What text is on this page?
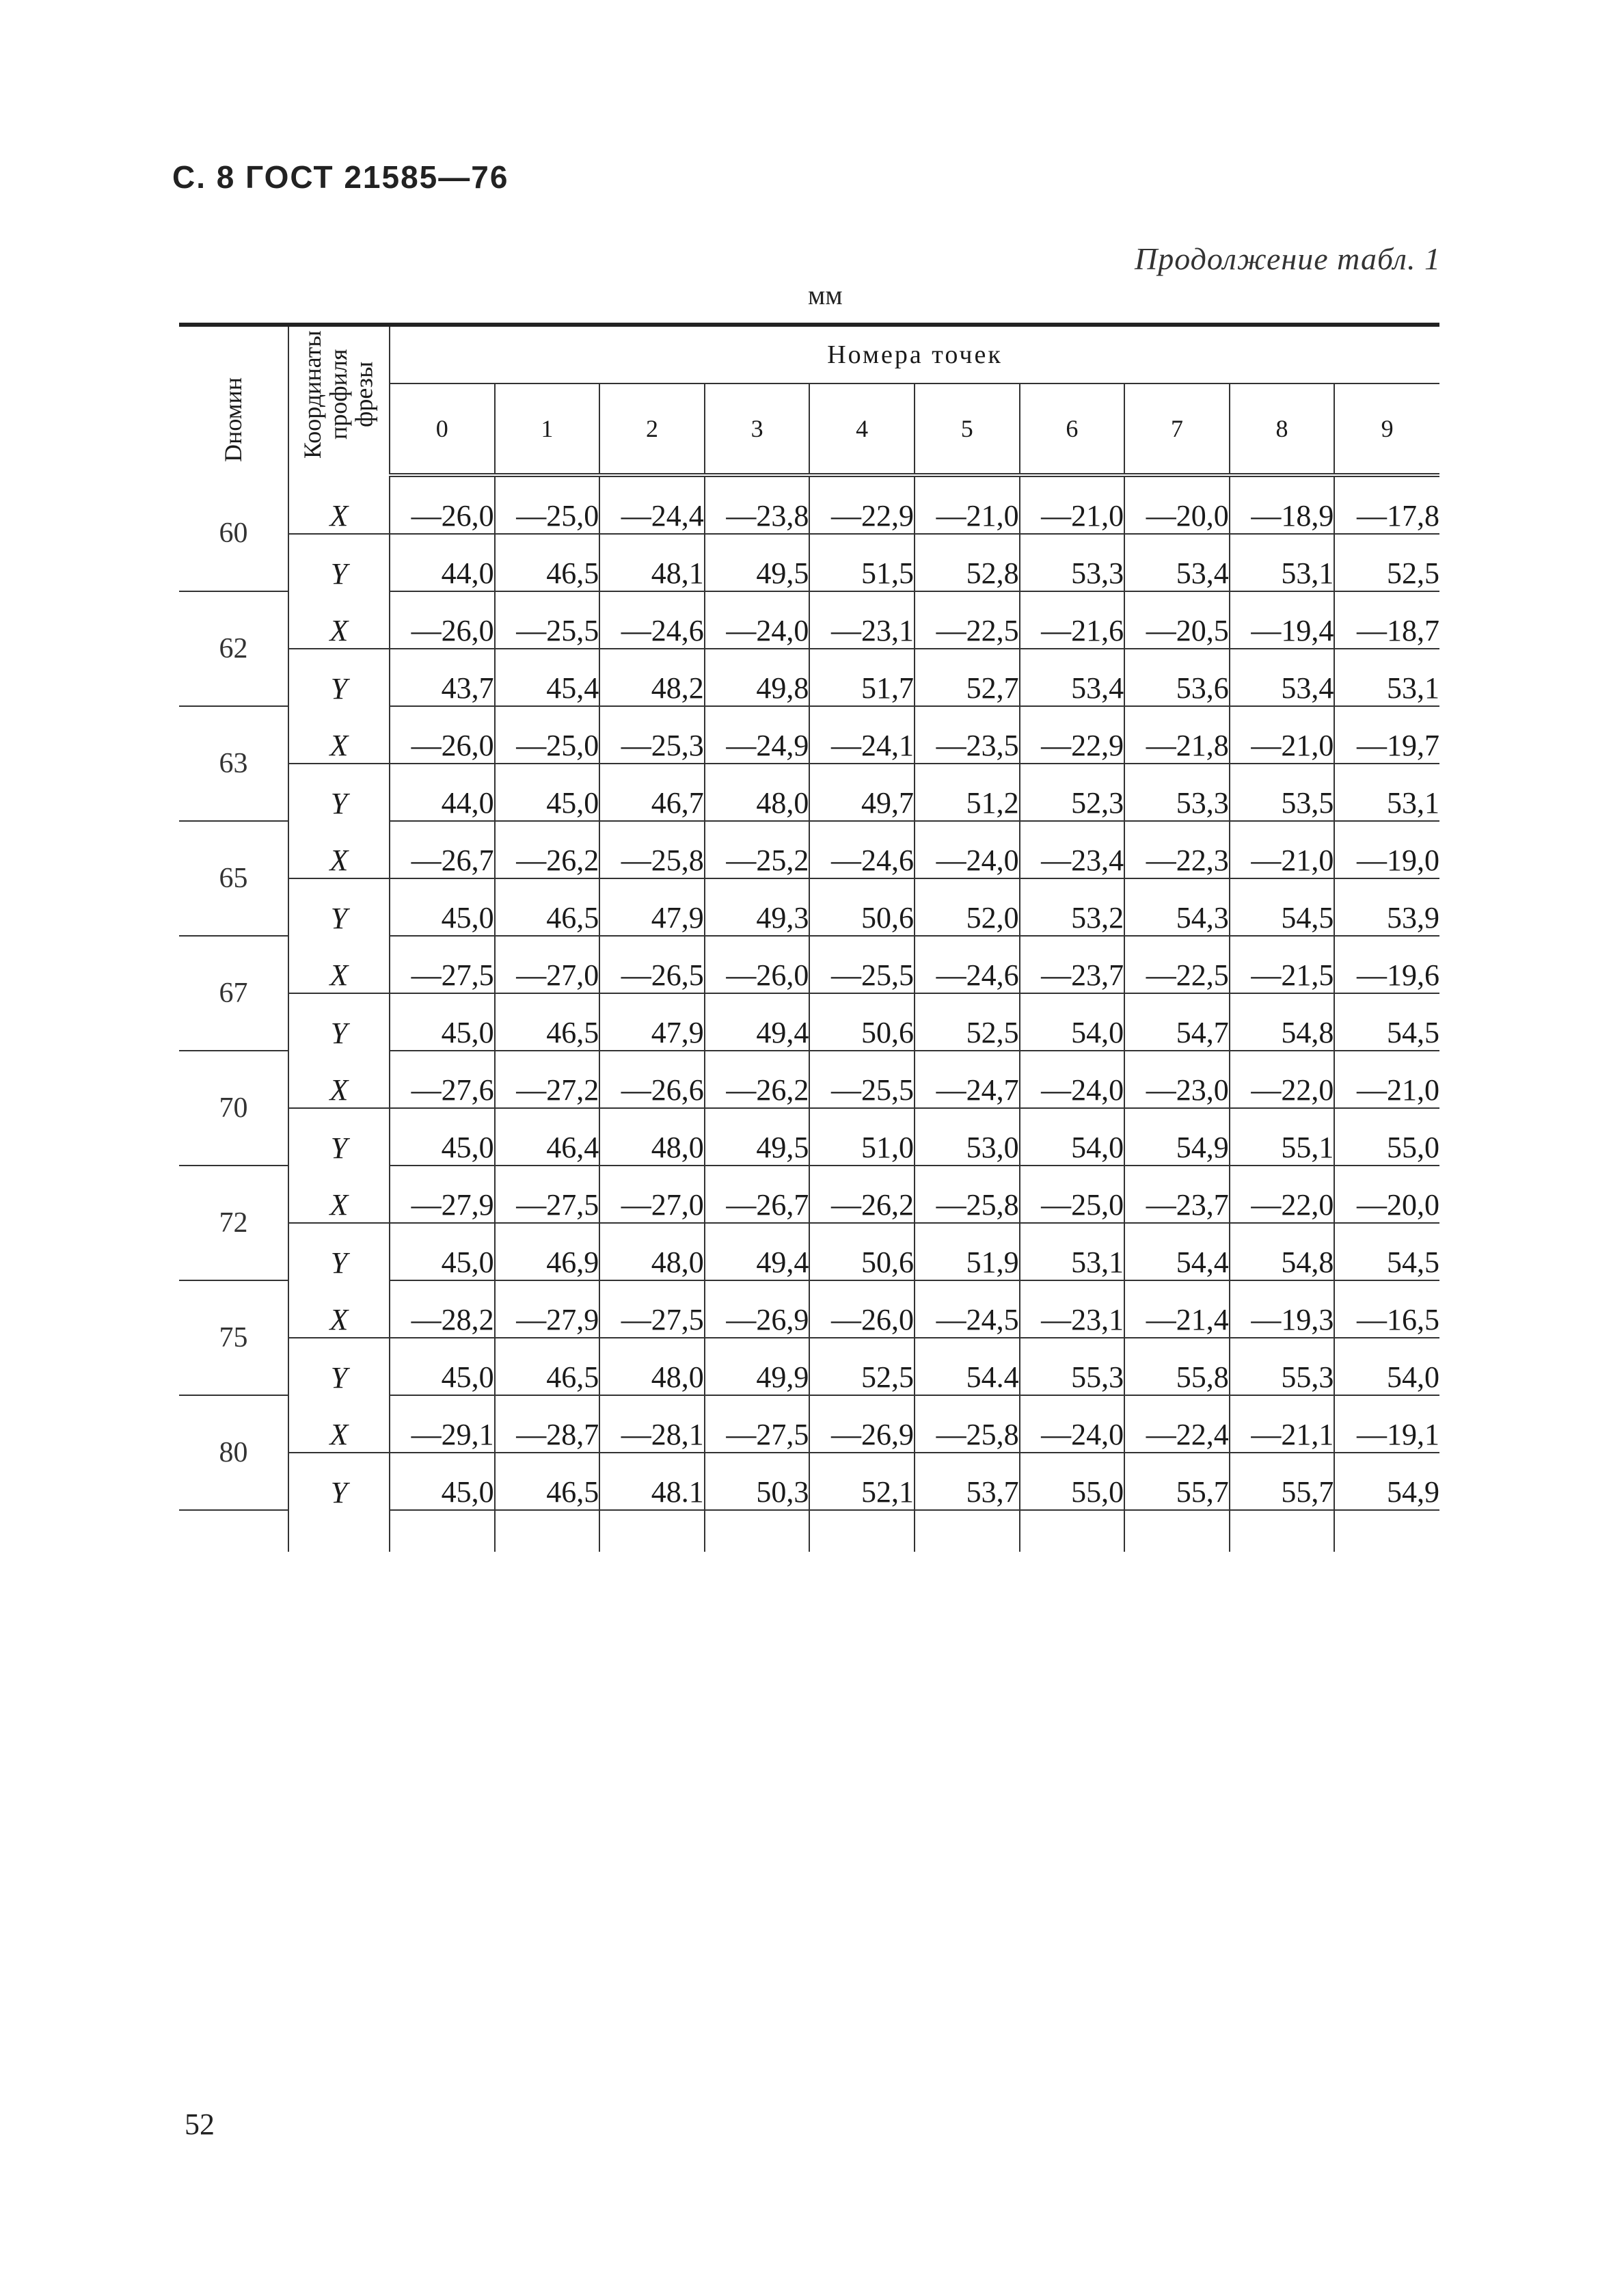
С. 8 ГОСТ 21585—76
Продолжение табл. 1
мм
Dномин	Координаты профиля фрезы	Номера точек									
		0	1	2	3	4	5	6	7	8	9
60	X	—26,0	—25,0	—24,4	—23,8	—22,9	—21,0	—21,0	—20,0	—18,9	—17,8
	Y	44,0	46,5	48,1	49,5	51,5	52,8	53,3	53,4	53,1	52,5
62	X	—26,0	—25,5	—24,6	—24,0	—23,1	—22,5	—21,6	—20,5	—19,4	—18,7
	Y	43,7	45,4	48,2	49,8	51,7	52,7	53,4	53,6	53,4	53,1
63	X	—26,0	—25,0	—25,3	—24,9	—24,1	—23,5	—22,9	—21,8	—21,0	—19,7
	Y	44,0	45,0	46,7	48,0	49,7	51,2	52,3	53,3	53,5	53,1
65	X	—26,7	—26,2	—25,8	—25,2	—24,6	—24,0	—23,4	—22,3	—21,0	—19,0
	Y	45,0	46,5	47,9	49,3	50,6	52,0	53,2	54,3	54,5	53,9
67	X	—27,5	—27,0	—26,5	—26,0	—25,5	—24,6	—23,7	—22,5	—21,5	—19,6
	Y	45,0	46,5	47,9	49,4	50,6	52,5	54,0	54,7	54,8	54,5
70	X	—27,6	—27,2	—26,6	—26,2	—25,5	—24,7	—24,0	—23,0	—22,0	—21,0
	Y	45,0	46,4	48,0	49,5	51,0	53,0	54,0	54,9	55,1	55,0
72	X	—27,9	—27,5	—27,0	—26,7	—26,2	—25,8	—25,0	—23,7	—22,0	—20,0
	Y	45,0	46,9	48,0	49,4	50,6	51,9	53,1	54,4	54,8	54,5
75	X	—28,2	—27,9	—27,5	—26,9	—26,0	—24,5	—23,1	—21,4	—19,3	—16,5
	Y	45,0	46,5	48,0	49,9	52,5	54.4	55,3	55,8	55,3	54,0
80	X	—29,1	—28,7	—28,1	—27,5	—26,9	—25,8	—24,0	—22,4	—21,1	—19,1
	Y	45,0	46,5	48.1	50,3	52,1	53,7	55,0	55,7	55,7	54,9

52
